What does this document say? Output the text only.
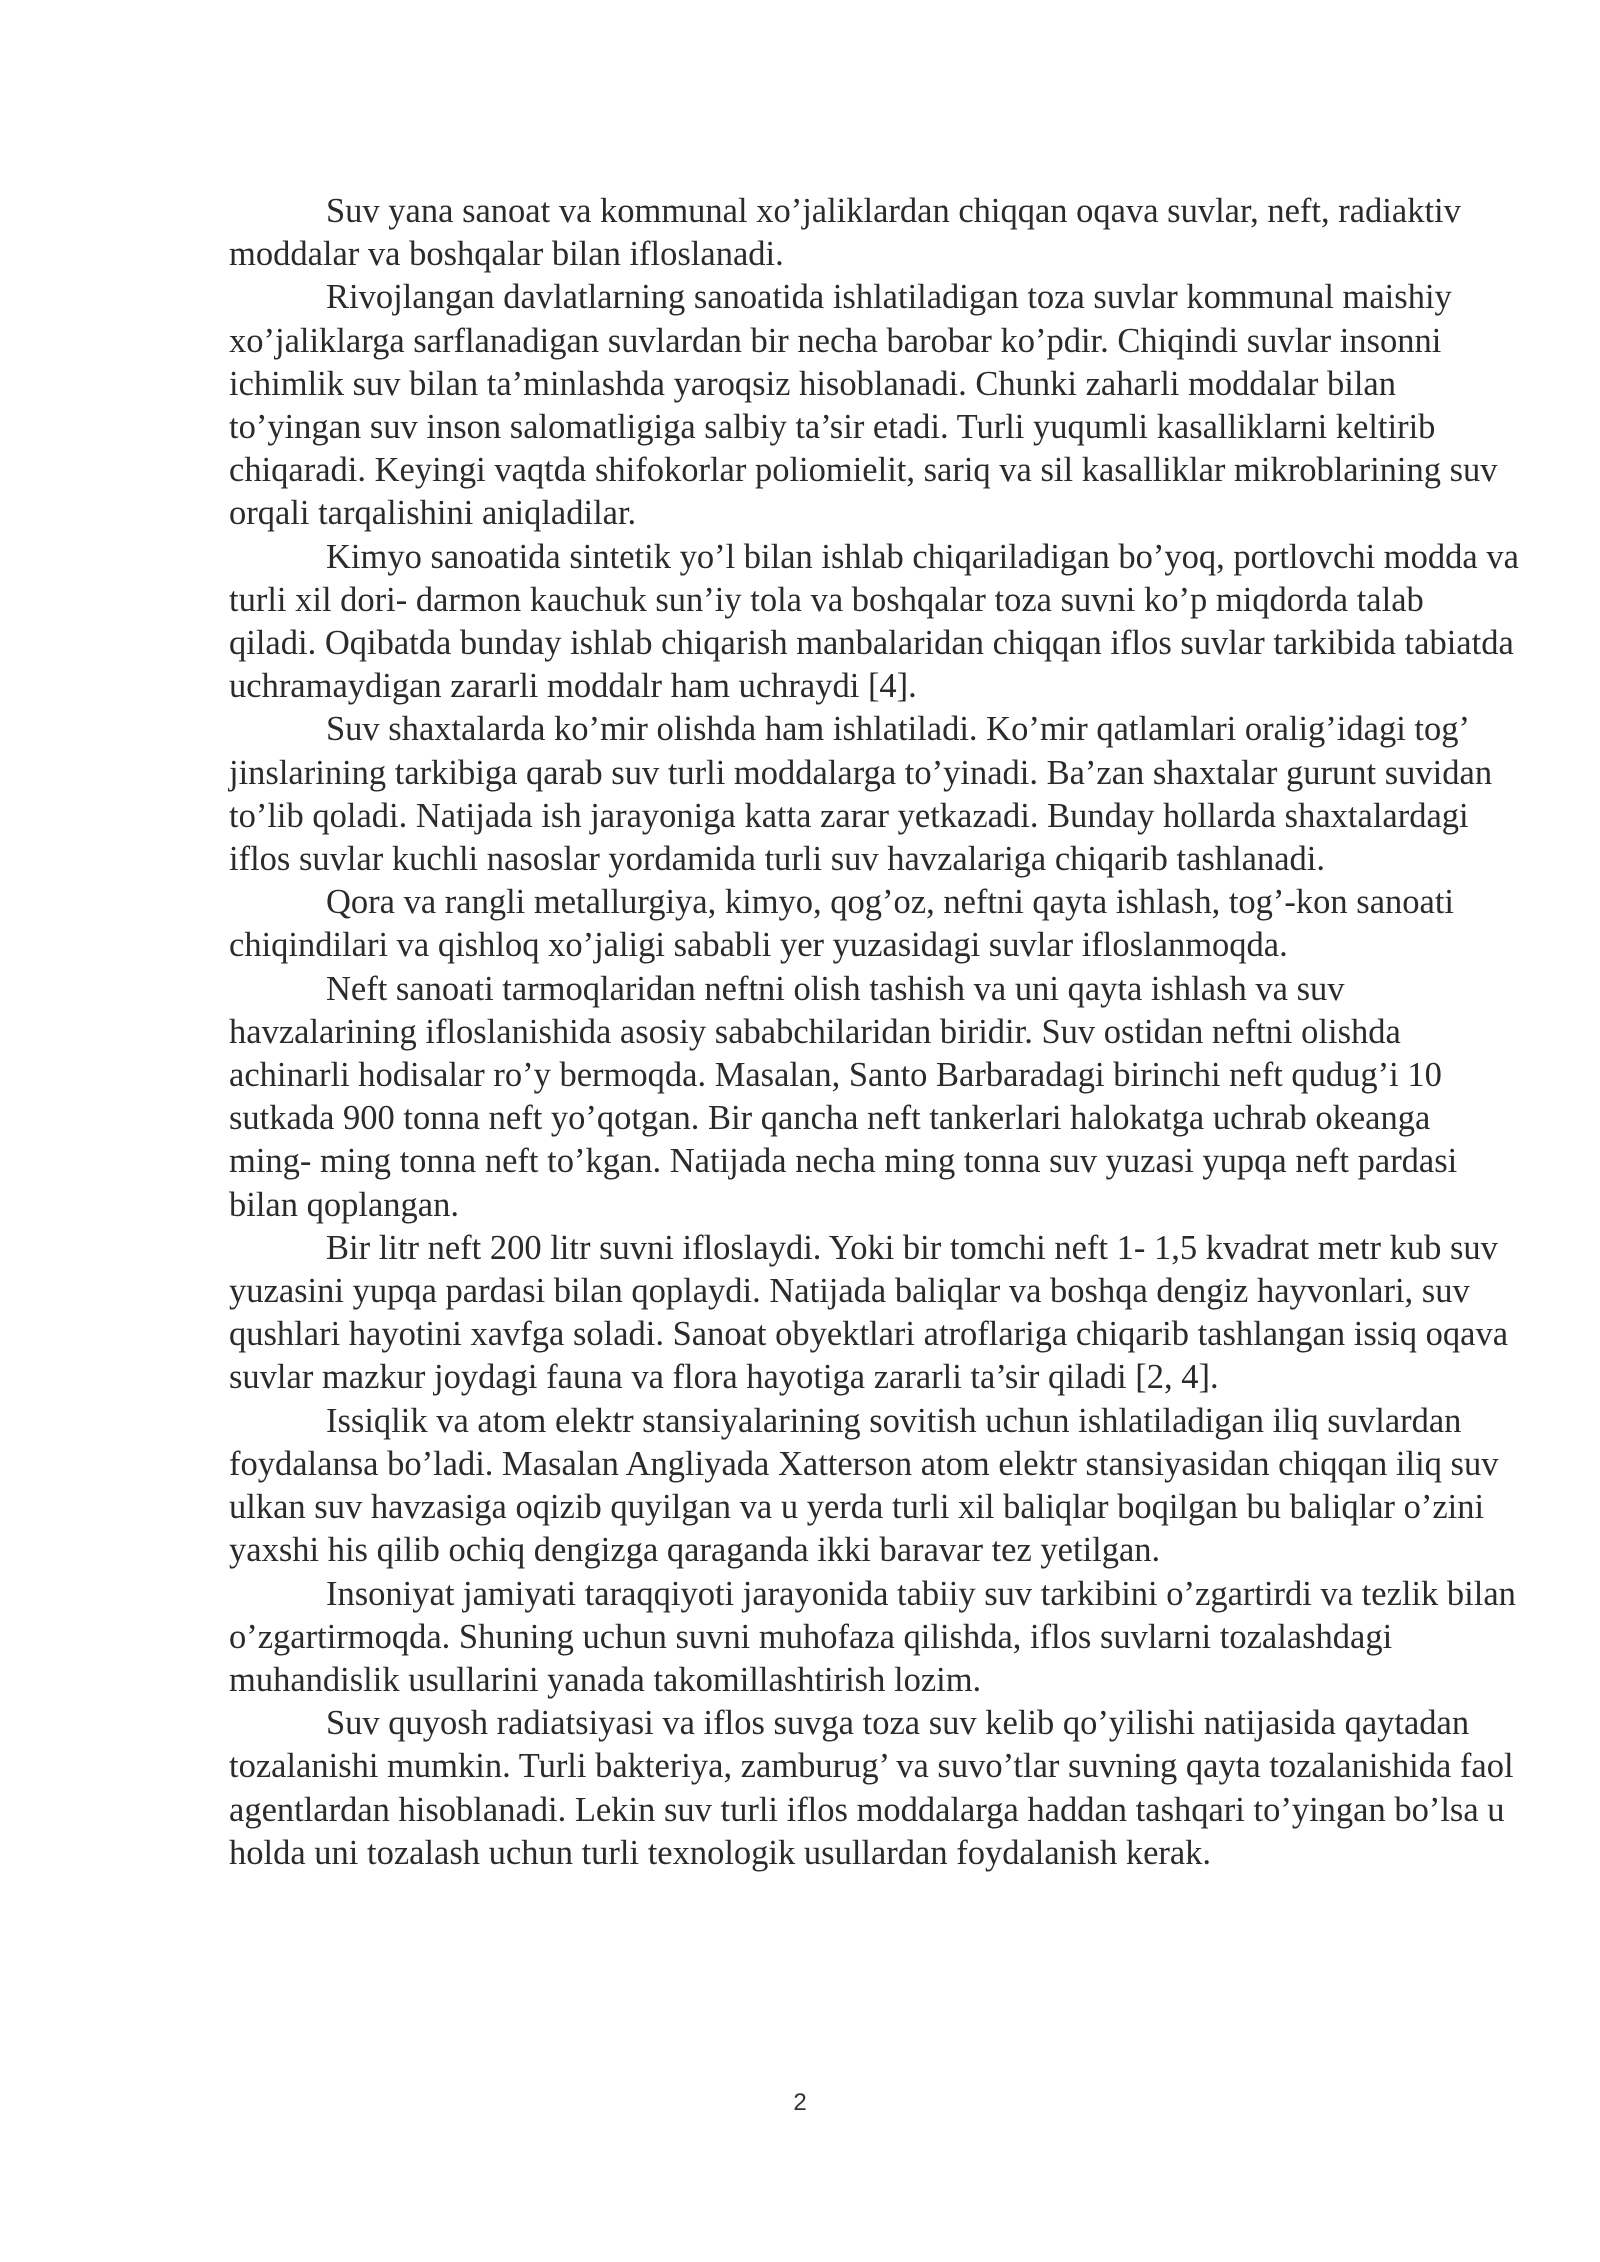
Suv yana sanoat va kommunal xo’jaliklardan chiqqan oqava suvlar, neft, radiaktiv moddalar va boshqalar bilan ifloslanadi.

Rivojlangan davlatlarning sanoatida ishlatiladigan toza suvlar kommunal maishiy xo’jaliklarga sarflanadigan suvlardan bir necha barobar ko’pdir. Chiqindi suvlar insonni ichimlik suv bilan ta’minlashda yaroqsiz hisoblanadi. Chunki zaharli moddalar bilan to’yingan suv inson salomatligiga salbiy ta’sir etadi. Turli yuqumli kasalliklarni keltirib chiqaradi. Keyingi vaqtda shifokorlar poliomielit, sariq va sil kasalliklar mikroblarining suv orqali tarqalishini aniqladilar.

Kimyo sanoatida sintetik yo’l bilan ishlab chiqariladigan bo’yoq, portlovchi modda va turli xil dori- darmon kauchuk sun’iy tola va boshqalar toza suvni ko’p miqdorda talab qiladi. Oqibatda bunday ishlab chiqarish manbalaridan chiqqan iflos suvlar tarkibida tabiatda uchramaydigan zararli moddalr ham uchraydi [4].

Suv shaxtalarda ko’mir olishda ham ishlatiladi. Ko’mir qatlamlari oralig’idagi tog’ jinslarining tarkibiga qarab suv turli moddalarga to’yinadi. Ba’zan shaxtalar gurunt suvidan to’lib qoladi. Natijada ish jarayoniga katta zarar yetkazadi. Bunday hollarda shaxtalardagi iflos suvlar kuchli nasoslar yordamida turli suv havzalariga chiqarib tashlanadi.

Qora va rangli metallurgiya, kimyo, qog’oz, neftni qayta ishlash, tog’-kon sanoati chiqindilari va qishloq xo’jaligi sababli yer yuzasidagi suvlar ifloslanmoqda.

Neft sanoati tarmoqlaridan neftni olish tashish va uni qayta ishlash va suv havzalarining ifloslanishida asosiy sababchilaridan biridir. Suv ostidan neftni olishda achinarli hodisalar ro’y bermoqda. Masalan, Santo Barbaradagi birinchi neft qudug’i 10 sutkada 900 tonna neft yo’qotgan. Bir qancha neft tankerlari halokatga uchrab okeanga ming- ming tonna neft to’kgan. Natijada necha ming tonna suv yuzasi yupqa neft pardasi bilan qoplangan.

Bir litr neft 200 litr suvni ifloslaydi. Yoki bir tomchi neft 1- 1,5 kvadrat metr kub suv yuzasini yupqa pardasi bilan qoplaydi. Natijada baliqlar va boshqa dengiz hayvonlari, suv qushlari hayotini xavfga soladi. Sanoat obyektlari atroflariga chiqarib tashlangan issiq oqava suvlar mazkur joydagi fauna va flora hayotiga zararli ta’sir qiladi [2, 4].

Issiqlik va atom elektr stansiyalarining sovitish uchun ishlatiladigan iliq suvlardan foydalansa bo’ladi. Masalan Angliyada Xatterson atom elektr stansiyasidan chiqqan iliq suv ulkan suv havzasiga oqizib quyilgan va u yerda turli xil baliqlar boqilgan bu baliqlar o’zini yaxshi his qilib ochiq dengizga qaraganda ikki baravar tez yetilgan.

Insoniyat jamiyati taraqqiyoti jarayonida tabiiy suv tarkibini o’zgartirdi va tezlik bilan o’zgartirmoqda. Shuning uchun suvni muhofaza qilishda, iflos suvlarni tozalashdagi muhandislik usullarini yanada takomillashtirish lozim.

Suv quyosh radiatsiyasi va iflos suvga toza suv kelib qo’yilishi natijasida qaytadan tozalanishi mumkin. Turli bakteriya, zamburug’ va suvo’tlar suvning qayta tozalanishida faol agentlardan hisoblanadi. Lekin suv turli iflos moddalarga haddan tashqari to’yingan bo’lsa u holda uni tozalash uchun turli texnologik usullardan foydalanish kerak.

2
